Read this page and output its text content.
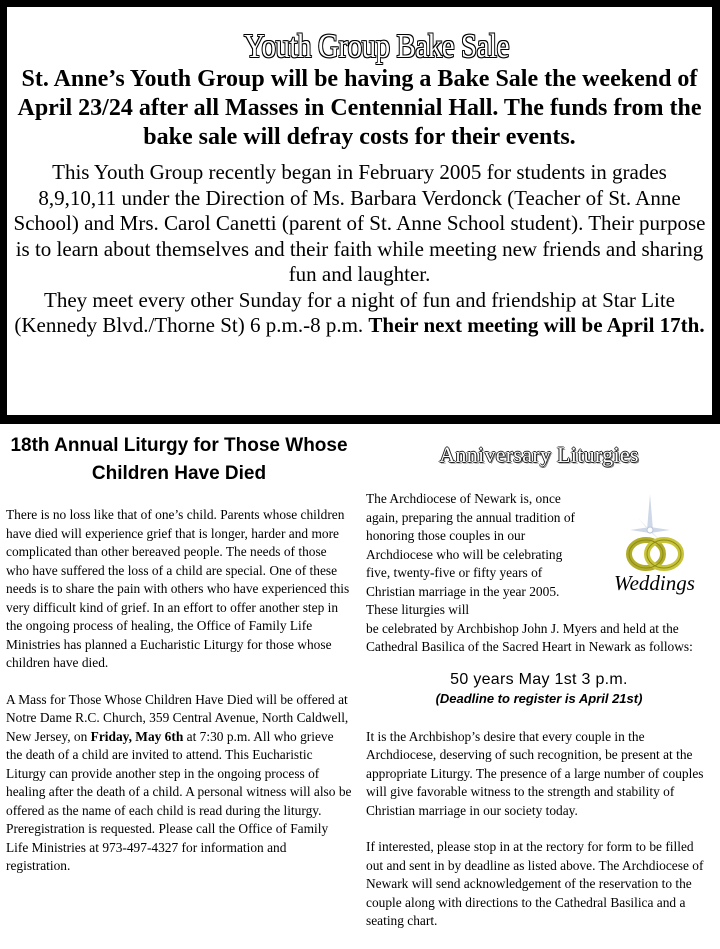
Youth Group Bake Sale
St. Anne’s Youth Group will be having a Bake Sale the weekend of April 23/24 after all Masses in Centennial Hall. The funds from the bake sale will defray costs for their events.
This Youth Group recently began in February 2005 for students in grades 8,9,10,11 under the Direction of Ms. Barbara Verdonck (Teacher of St. Anne School) and Mrs. Carol Canetti (parent of St. Anne School student). Their purpose is to learn about themselves and their faith while meeting new friends and sharing fun and laughter.
They meet every other Sunday for a night of fun and friendship at Star Lite (Kennedy Blvd./Thorne St) 6 p.m.-8 p.m. Their next meeting will be April 17th.
18th Annual Liturgy for Those Whose Children Have Died

There is no loss like that of one’s child. Parents whose children have died will experience grief that is longer, harder and more complicated than other bereaved people. The needs of those who have suffered the loss of a child are special. One of these needs is to share the pain with others who have experienced this very difficult kind of grief. In an effort to offer another step in the ongoing process of healing, the Office of Family Life Ministries has planned a Eucharistic Liturgy for those whose children have died.

A Mass for Those Whose Children Have Died will be offered at Notre Dame R.C. Church, 359 Central Avenue, North Caldwell, New Jersey, on Friday, May 6th at 7:30 p.m. All who grieve the death of a child are invited to attend. This Eucharistic Liturgy can provide another step in the ongoing process of healing after the death of a child. A personal witness will also be offered as the name of each child is read during the liturgy. Preregistration is requested. Please call the Office of Family Life Ministries at 973-497-4327 for information and registration.

Anniversary Liturgies

The Archdiocese of Newark is, once again, preparing the annual tradition of honoring those couples in our Archdiocese who will be celebrating five, twenty-five or fifty years of Christian marriage in the year 2005. These liturgies will

be celebrated by Archbishop John J. Myers and held at the Cathedral Basilica of the Sacred Heart in Newark as follows:

Weddings
50 years May 1st 3 p.m.
(Deadline to register is April 21st)

It is the Archbishop’s desire that every couple in the Archdiocese, deserving of such recognition, be present at the appropriate Liturgy. The presence of a large number of couples will give favorable witness to the strength and stability of Christian marriage in our society today.

If interested, please stop in at the rectory for form to be filled out and sent in by deadline as listed above. The Archdiocese of Newark will send acknowledgement of the reservation to the couple along with directions to the Cathedral Basilica and a seating chart.
